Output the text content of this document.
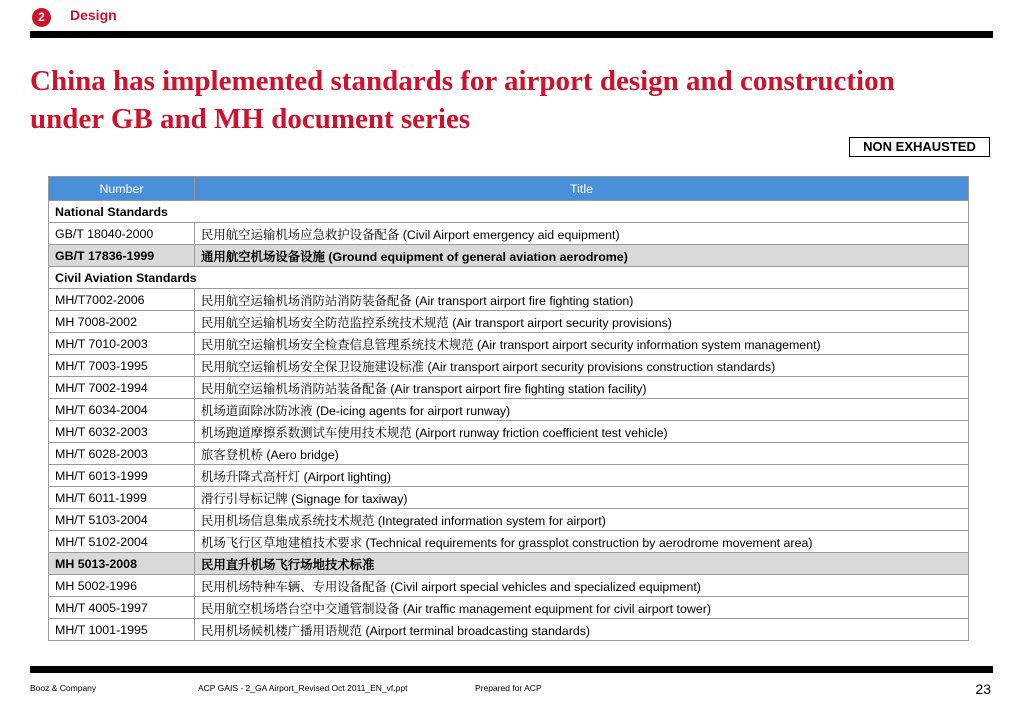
2	Design
China has implemented standards for airport design and construction under GB and MH document series
NON EXHAUSTED
Number	Title
National Standards	
GB/T 18040-2000	民用航空运输机场应急救护设备配备 (Civil Airport emergency aid equipment)
GB/T 17836-1999	通用航空机场设备设施 (Ground equipment of general aviation aerodrome)
Civil Aviation Standards	
MH/T7002-2006	民用航空运输机场消防站消防装备配备 (Air transport airport fire fighting station)
MH 7008-2002	民用航空运输机场安全防范监控系统技术规范 (Air transport airport security provisions)
MH/T 7010-2003	民用航空运输机场安全检查信息管理系统技术规范 (Air transport airport security information system management)
MH/T 7003-1995	民用航空运输机场安全保卫设施建设标准 (Air transport airport security provisions construction standards)
MH/T 7002-1994	民用航空运输机场消防站装备配备 (Air transport airport fire fighting station facility)
MH/T 6034-2004	机场道面除冰防冰液 (De-icing agents for airport runway)
MH/T 6032-2003	机场跑道摩擦系数测试车使用技术规范 (Airport runway friction coefficient test vehicle)
MH/T 6028-2003	旅客登机桥 (Aero bridge)
MH/T 6013-1999	机场升降式高杆灯 (Airport lighting)
MH/T 6011-1999	滑行引导标记牌 (Signage for taxiway)
MH/T 5103-2004	民用机场信息集成系统技术规范 (Integrated information system for airport)
MH/T 5102-2004	机场飞行区草地建植技术要求 (Technical requirements for grassplot construction by aerodrome movement area)
MH 5013-2008	民用直升机场飞行场地技术标准
MH 5002-1996	民用机场特种车辆、专用设备配备 (Civil airport special vehicles and specialized equipment)
MH/T 4005-1997	民用航空机场塔台空中交通管制设备 (Air traffic management equipment for civil airport tower)
MH/T 1001-1995	民用机场候机楼广播用语规范 (Airport terminal broadcasting standards)
Booz & Company	ACP GAIS - 2_GA Airport_Revised Oct 2011_EN_vf.ppt	Prepared for ACP	23
